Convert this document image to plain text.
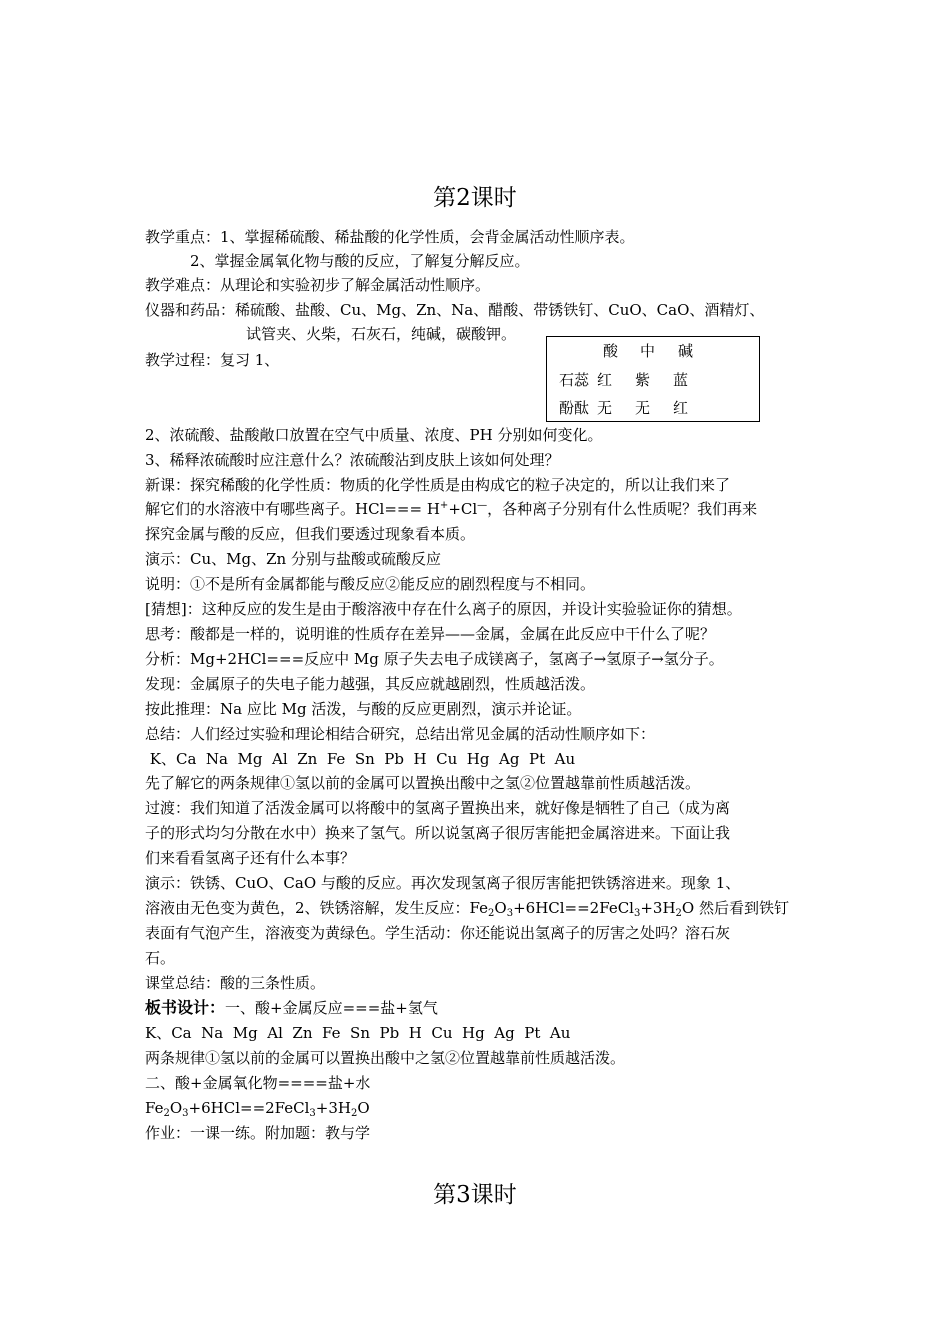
第2课时
教学重点：1、掌握稀硫酸、稀盐酸的化学性质，会背金属活动性顺序表。
2、掌握金属氧化物与酸的反应，了解复分解反应。
教学难点：从理论和实验初步了解金属活动性顺序。
仪器和药品：稀硫酸、盐酸、Cu、Mg、Zn、Na、醋酸、带锈铁钉、CuO、CaO、酒精灯、
试管夹、火柴，石灰石，纯碱，碳酸钾。
教学过程：复习 1、	酸 中 碱
石蕊 红 紫 蓝
酚酞 无 无 红
2、浓硫酸、盐酸敞口放置在空气中质量、浓度、PH 分别如何变化。
3、稀释浓硫酸时应注意什么？浓硫酸沾到皮肤上该如何处理？
新课：探究稀酸的化学性质：物质的化学性质是由构成它的粒子决定的，所以让我们来了
解它们的水溶液中有哪些离子。HCl=== H++Cl—，各种离子分别有什么性质呢？我们再来
探究金属与酸的反应，但我们要透过现象看本质。
演示：Cu、Mg、Zn 分别与盐酸或硫酸反应
说明：①不是所有金属都能与酸反应②能反应的剧烈程度与不相同。
[猜想]：这种反应的发生是由于酸溶液中存在什么离子的原因，并设计实验验证你的猜想。
思考：酸都是一样的，说明谁的性质存在差异——金属，金属在此反应中干什么了呢？
分析：Mg+2HCl===反应中 Mg 原子失去电子成镁离子，氢离子→氢原子→氢分子。
发现：金属原子的失电子能力越强，其反应就越剧烈，性质越活泼。
按此推理：Na 应比 Mg 活泼，与酸的反应更剧烈，演示并论证。
总结：人们经过实验和理论相结合研究，总结出常见金属的活动性顺序如下：
K、Ca  Na  Mg  Al  Zn  Fe  Sn  Pb  H  Cu  Hg  Ag  Pt  Au
先了解它的两条规律①氢以前的金属可以置换出酸中之氢②位置越靠前性质越活泼。
过渡：我们知道了活泼金属可以将酸中的氢离子置换出来，就好像是牺牲了自己（成为离
子的形式均匀分散在水中）换来了氢气。所以说氢离子很厉害能把金属溶进来。下面让我
们来看看氢离子还有什么本事？
演示：铁锈、CuO、CaO 与酸的反应。再次发现氢离子很厉害能把铁锈溶进来。现象 1、
溶液由无色变为黄色，2、铁锈溶解，发生反应：$Fe_2O_3+6HCl==2FeCl_3+3H_2O$ 然后看到铁钉
表面有气泡产生，溶液变为黄绿色。学生活动：你还能说出氢离子的厉害之处吗？溶石灰
石。
课堂总结：酸的三条性质。
板书设计：一、酸+金属反应===盐+氢气
K、Ca  Na  Mg  Al  Zn  Fe  Sn  Pb  H  Cu  Hg  Ag  Pt  Au
两条规律①氢以前的金属可以置换出酸中之氢②位置越靠前性质越活泼。
二、酸+金属氧化物====盐+水
$Fe_2O_3+6HCl==2FeCl_3+3H_2O$
作业：一课一练。附加题：教与学
第3课时
